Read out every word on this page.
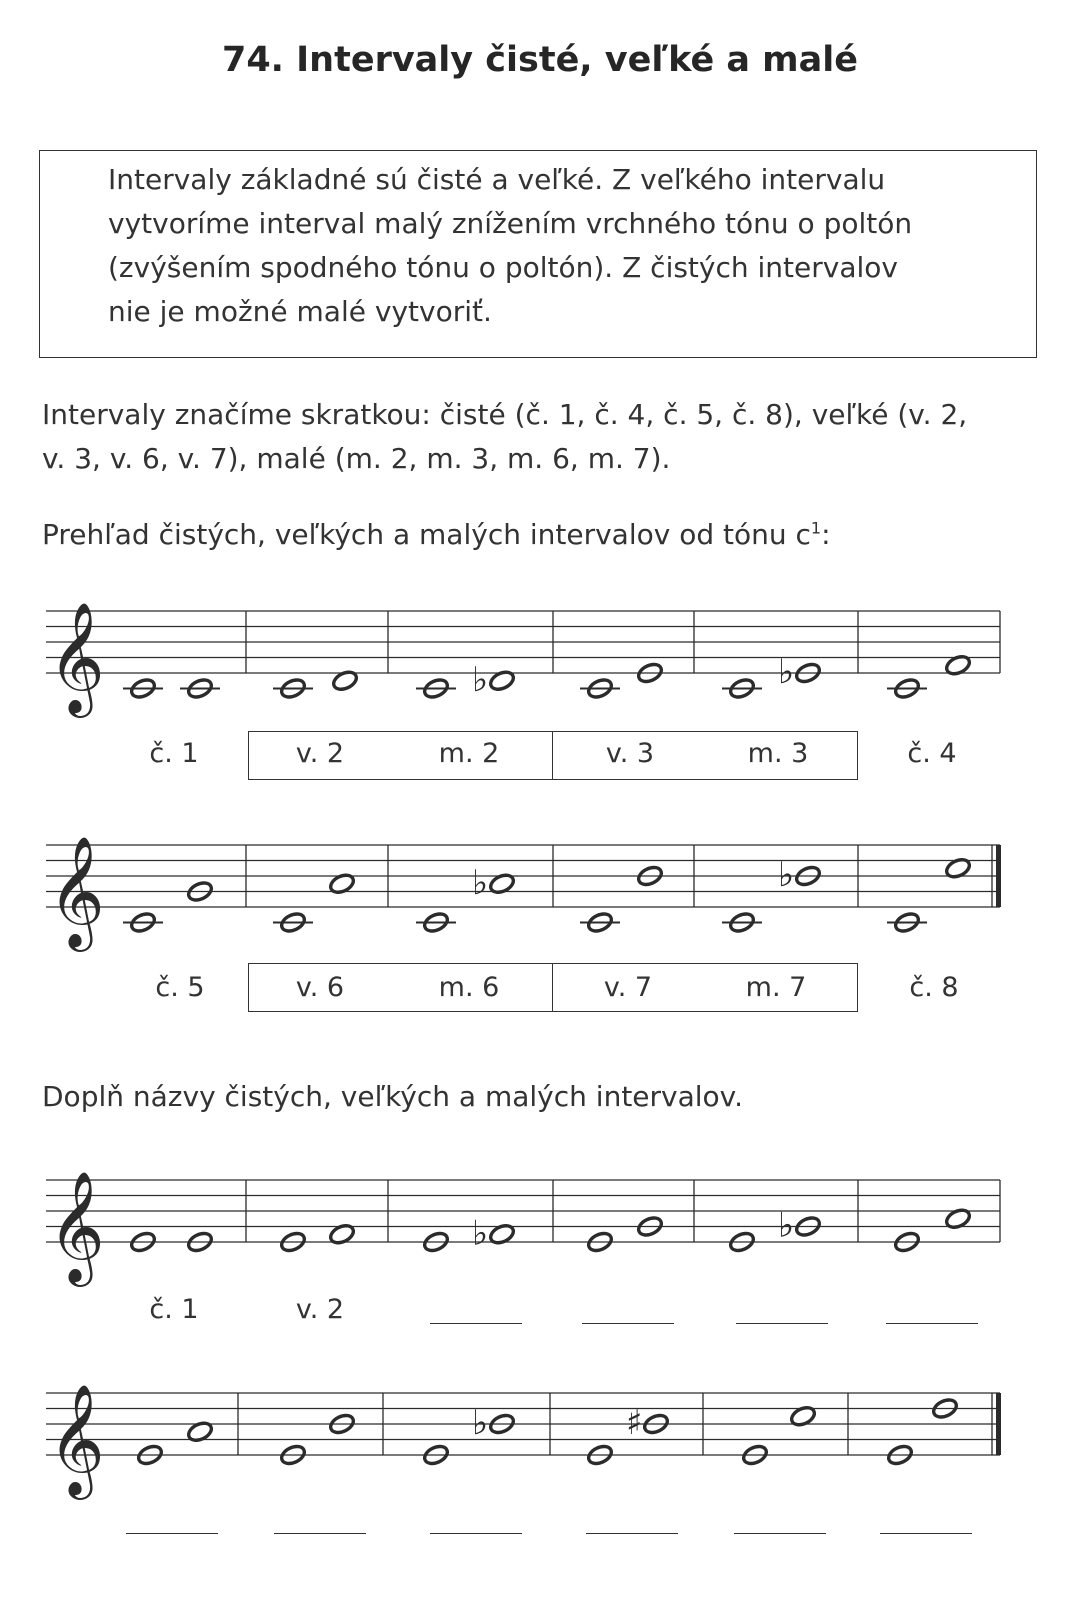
74. Intervaly čisté, veľké a malé
Intervaly základné sú čisté a veľké. Z veľkého intervalu
vytvoríme interval malý znížením vrchného tónu o poltón
(zvýšením spodného tónu o poltón). Z čistých intervalov
nie je možné malé vytvoriť.
Intervaly značíme skratkou: čisté (č. 1, č. 4, č. 5, č. 8), veľké (v. 2,
v. 3, v. 6, v. 7), malé (m. 2, m. 3, m. 6, m. 7).
Prehľad čistých, veľkých a malých intervalov od tónu $c^1$:
𝄞	♭	♭
č. 1	v. 2	m. 2	v. 3	m. 3	č. 4
𝄞	♭	♭
č. 5	v. 6	m. 6	v. 7	m. 7	č. 8
Doplň názvy čistých, veľkých a malých intervalov.
𝄞	♭	♭
č. 1	v. 2
𝄞	♭	♯
